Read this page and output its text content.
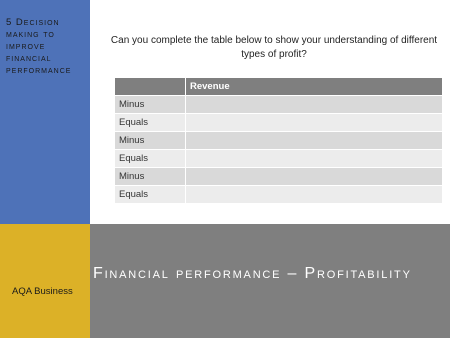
5 Decision making to improve financial performance
AQA Business
Financial performance – Profitability
Can you complete the table below to show your understanding of different types of profit?
	Revenue
Minus	
Equals	
Minus	
Equals	
Minus	
Equals	
